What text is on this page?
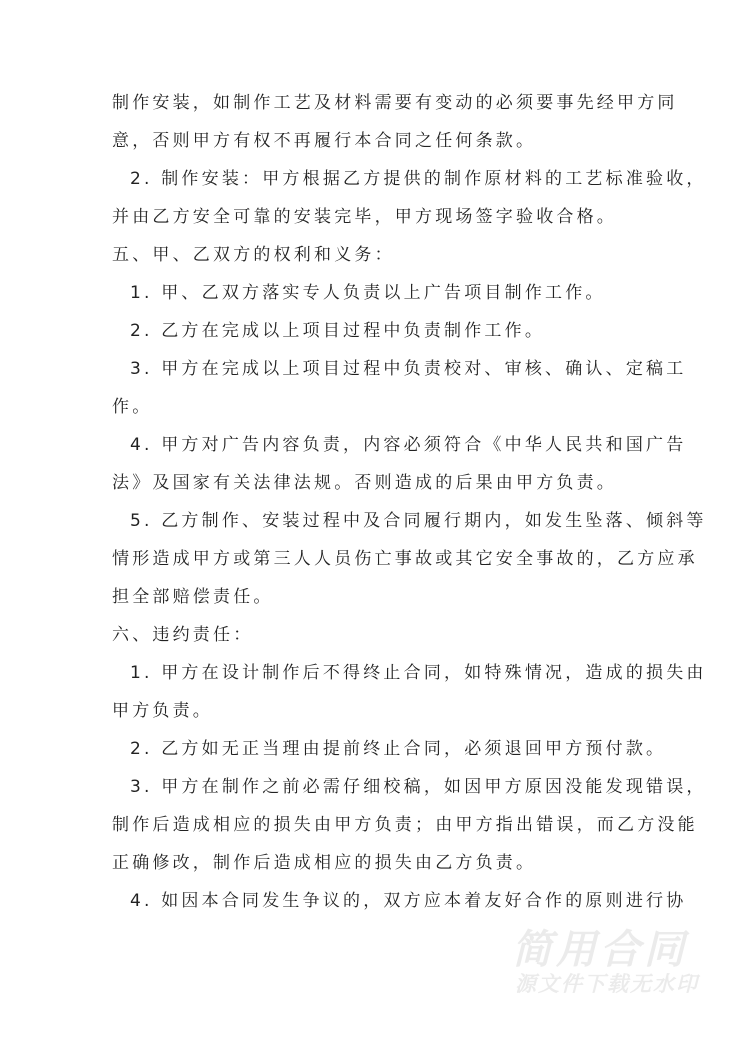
制作安装，如制作工艺及材料需要有变动的必须要事先经甲方同
意，否则甲方有权不再履行本合同之任何条款。
2. 制作安装：甲方根据乙方提供的制作原材料的工艺标准验收，
并由乙方安全可靠的安装完毕，甲方现场签字验收合格。
五、甲、乙双方的权利和义务：
1. 甲、乙双方落实专人负责以上广告项目制作工作。
2. 乙方在完成以上项目过程中负责制作工作。
3. 甲方在完成以上项目过程中负责校对、审核、确认、定稿工
作。
4. 甲方对广告内容负责，内容必须符合《中华人民共和国广告
法》及国家有关法律法规。否则造成的后果由甲方负责。
5. 乙方制作、安装过程中及合同履行期内，如发生坠落、倾斜等
情形造成甲方或第三人人员伤亡事故或其它安全事故的，乙方应承
担全部赔偿责任。
六、违约责任：
1. 甲方在设计制作后不得终止合同，如特殊情况，造成的损失由
甲方负责。
2. 乙方如无正当理由提前终止合同，必须退回甲方预付款。
3. 甲方在制作之前必需仔细校稿，如因甲方原因没能发现错误，
制作后造成相应的损失由甲方负责；由甲方指出错误，而乙方没能
正确修改，制作后造成相应的损失由乙方负责。
4. 如因本合同发生争议的，双方应本着友好合作的原则进行协
简用合同
源文件下载无水印
